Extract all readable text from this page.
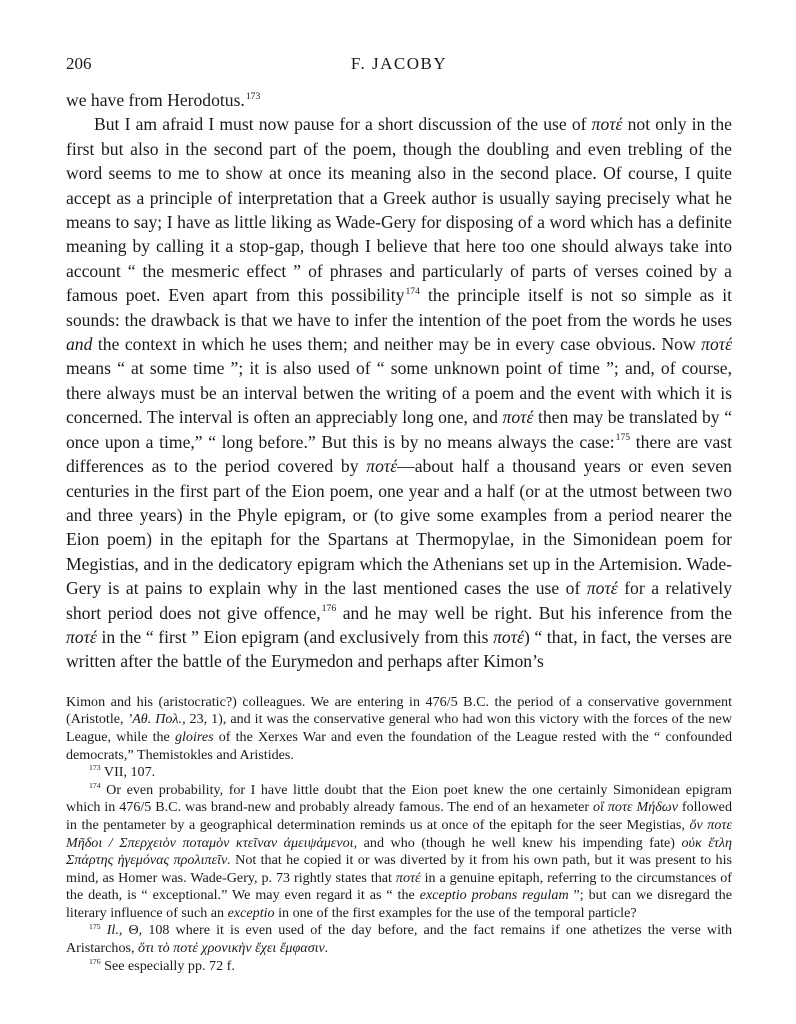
F. JACOBY
206

we have from Herodotus.$^{173}$

But I am afraid I must now pause for a short discussion of the use of ποτέ not only in the first but also in the second part of the poem, though the doubling and even trebling of the word seems to me to show at once its meaning also in the second place. Of course, I quite accept as a principle of interpretation that a Greek author is usually saying precisely what he means to say; I have as little liking as Wade-Gery for disposing of a word which has a definite meaning by calling it a stop-gap, though I believe that here too one should always take into account “ the mesmeric effect ” of phrases and particularly of parts of verses coined by a famous poet. Even apart from this possibility$^{174}$ the principle itself is not so simple as it sounds: the drawback is that we have to infer the intention of the poet from the words he uses and the context in which he uses them; and neither may be in every case obvious. Now ποτέ means “ at some time ”; it is also used of “ some unknown point of time ”; and, of course, there always must be an interval betwen the writing of a poem and the event with which it is concerned. The interval is often an appreciably long one, and ποτέ then may be translated by “ once upon a time,” “ long before.” But this is by no means always the case:$^{175}$ there are vast differences as to the period covered by ποτέ—about half a thousand years or even seven centuries in the first part of the Eion poem, one year and a half (or at the utmost between two and three years) in the Phyle epigram, or (to give some examples from a period nearer the Eion poem) in the epitaph for the Spartans at Thermopylae, in the Simonidean poem for Megistias, and in the dedicatory epigram which the Athenians set up in the Artemision. Wade-Gery is at pains to explain why in the last mentioned cases the use of ποτέ for a relatively short period does not give offence,$^{176}$ and he may well be right. But his inference from the ποτέ in the “ first ” Eion epigram (and exclusively from this ποτέ) “ that, in fact, the verses are written after the battle of the Eurymedon and perhaps after Kimon’s

Kimon and his (aristocratic?) colleagues. We are entering in 476/5 B.C. the period of a conservative government (Aristotle, ’Αθ. Πολ., 23, 1), and it was the conservative general who had won this victory with the forces of the new League, while the gloires of the Xerxes War and even the foundation of the League rested with the “ confounded democrats,” Themistokles and Aristides.

$^{173}$ VII, 107.

$^{174}$ Or even probability, for I have little doubt that the Eion poet knew the one certainly Simonidean epigram which in 476/5 B.C. was brand-new and probably already famous. The end of an hexameter οἵ ποτε Μήδων followed in the pentameter by a geographical determination reminds us at once of the epitaph for the seer Megistias, ὅν ποτε Μῆδοι / Σπερχειὸν ποταμὸν κτεῖναν ἀμειψάμενοι, and who (though he well knew his impending fate) οὐκ ἔτλη Σπάρτης ἡγεμόνας προλιπεῖν. Not that he copied it or was diverted by it from his own path, but it was present to his mind, as Homer was. Wade-Gery, p. 73 rightly states that ποτέ in a genuine epitaph, referring to the circumstances of the death, is “ exceptional.” We may even regard it as “ the exceptio probans regulam ”; but can we disregard the literary influence of such an exceptio in one of the first examples for the use of the temporal particle?

$^{175}$ Il., Θ, 108 where it is even used of the day before, and the fact remains if one athetizes the verse with Aristarchos, ὅτι τὸ ποτέ χρονικὴν ἔχει ἔμφασιν.

$^{176}$ See especially pp. 72 f.
